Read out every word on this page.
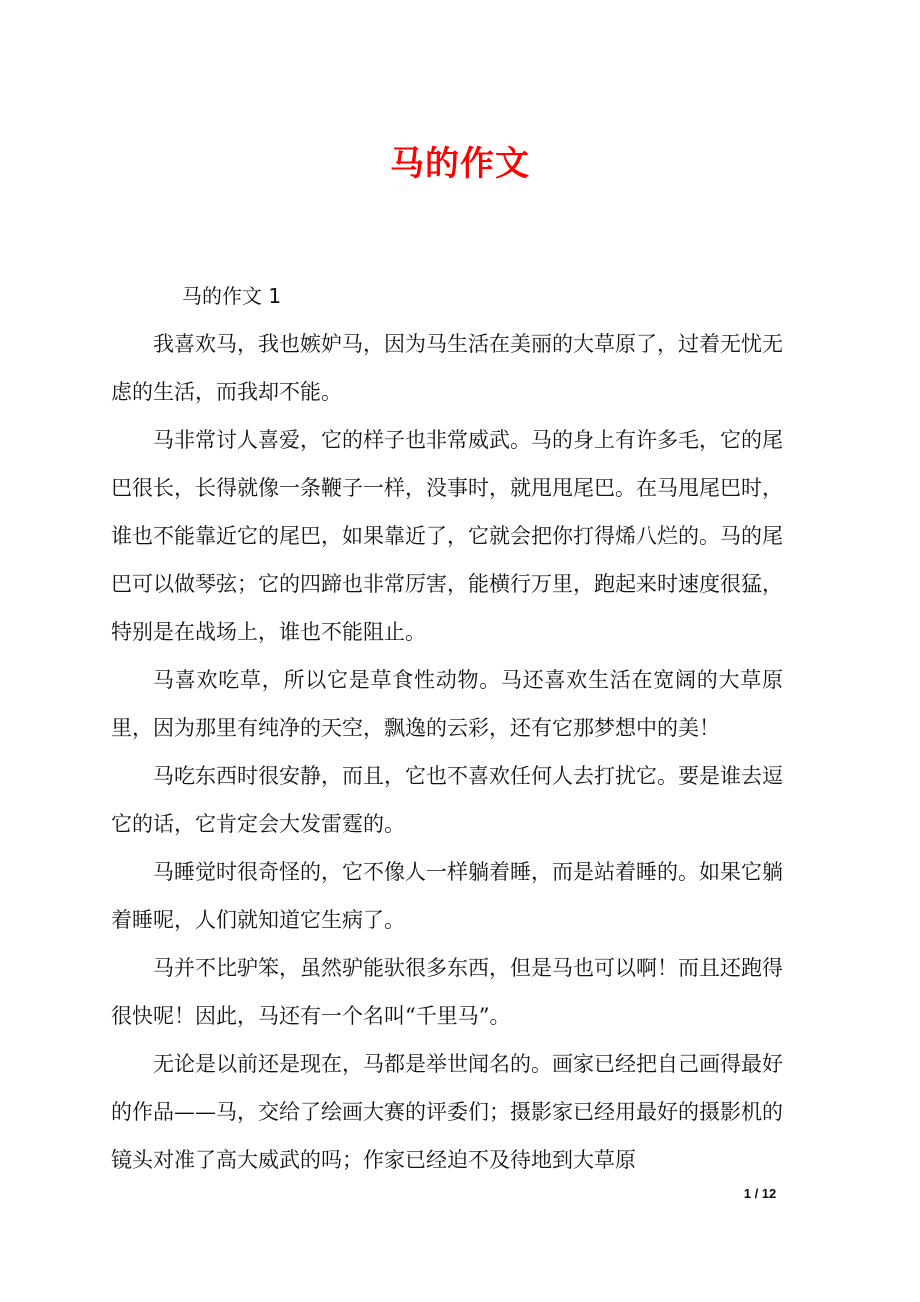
马的作文
马的作文 1

我喜欢马，我也嫉妒马，因为马生活在美丽的大草原了，过着无忧无虑的生活，而我却不能。

马非常讨人喜爱，它的样子也非常威武。马的身上有许多毛，它的尾巴很长，长得就像一条鞭子一样，没事时，就甩甩尾巴。在马甩尾巴时，谁也不能靠近它的尾巴，如果靠近了，它就会把你打得烯八烂的。马的尾巴可以做琴弦；它的四蹄也非常厉害，能横行万里，跑起来时速度很猛，特别是在战场上，谁也不能阻止。

马喜欢吃草，所以它是草食性动物。马还喜欢生活在宽阔的大草原里，因为那里有纯净的天空，飘逸的云彩，还有它那梦想中的美！

马吃东西时很安静，而且，它也不喜欢任何人去打扰它。要是谁去逗它的话，它肯定会大发雷霆的。

马睡觉时很奇怪的，它不像人一样躺着睡，而是站着睡的。如果它躺着睡呢，人们就知道它生病了。

马并不比驴笨，虽然驴能驮很多东西，但是马也可以啊！而且还跑得很快呢！因此，马还有一个名叫“千里马”。

无论是以前还是现在，马都是举世闻名的。画家已经把自己画得最好的作品——马，交给了绘画大赛的评委们；摄影家已经用最好的摄影机的镜头对准了高大威武的吗；作家已经迫不及待地到大草原

1 / 12
